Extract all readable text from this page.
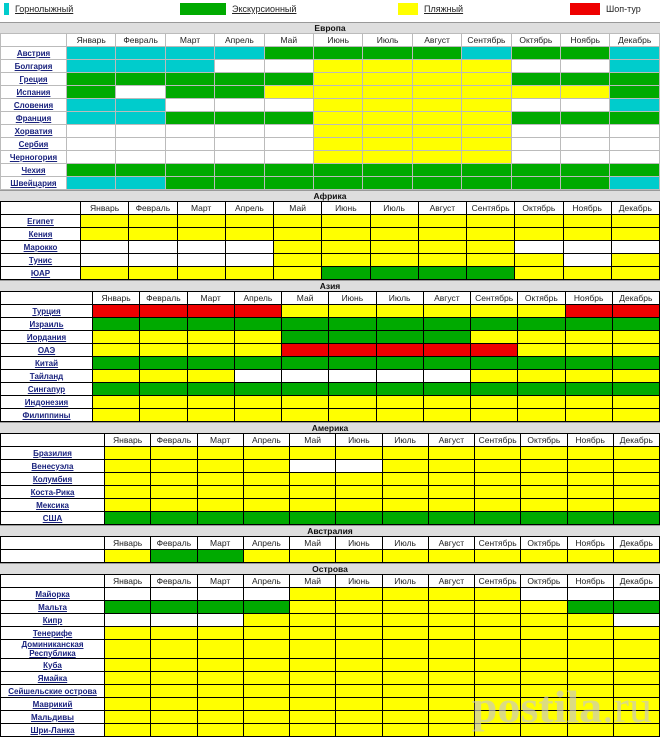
Горнолыжный	Экскурсионный	Пляжный	Шоп-тур
Европа
	Январь	Февраль	Март	Апрель	Май	Июнь	Июль	Август	Сентябрь	Октябрь	Ноябрь	Декабрь
Австрия												
Болгария												
Греция												
Испания												
Словения												
Франция												
Хорватия												
Сербия												
Черногория												
Чехия												
Швейцария												
Африка
	Январь	Февраль	Март	Апрель	Май	Июнь	Июль	Август	Сентябрь	Октябрь	Ноябрь	Декабрь
Египет												
Кения												
Марокко												
Тунис												
ЮАР												
Азия
	Январь	Февраль	Март	Апрель	Май	Июнь	Июль	Август	Сентябрь	Октябрь	Ноябрь	Декабрь
Турция												
Израиль												
Иордания												
ОАЭ												
Китай												
Тайланд												
Сингапур												
Индонезия												
Филиппины												
Америка
	Январь	Февраль	Март	Апрель	Май	Июнь	Июль	Август	Сентябрь	Октябрь	Ноябрь	Декабрь
Бразилия												
Венесуэла												
Колумбия												
Коста-Рика												
Мексика												
США												
Австралия
	Январь	Февраль	Март	Апрель	Май	Июнь	Июль	Август	Сентябрь	Октябрь	Ноябрь	Декабрь

Острова
	Январь	Февраль	Март	Апрель	Май	Июнь	Июль	Август	Сентябрь	Октябрь	Ноябрь	Декабрь
Майорка												
Мальта												
Кипр												
Тенерифе												
Доминиканская Республика												
Куба												
Ямайка												
Сейшельские острова												
Маврикий												
Мальдивы												
Шри-Ланка													postila.ru
